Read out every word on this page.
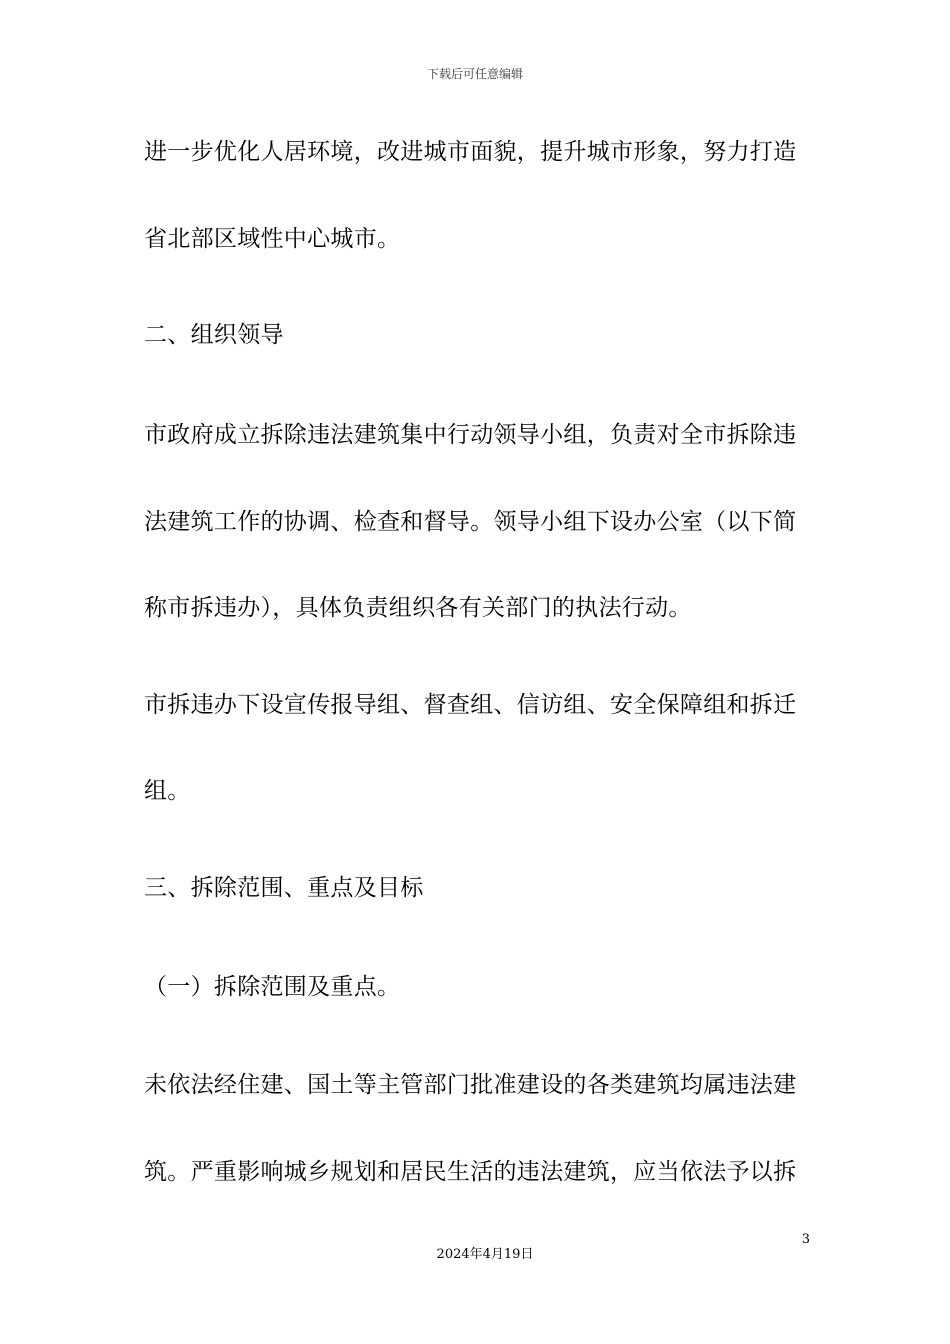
下载后可任意编辑
进一步优化人居环境，改进城市面貌，提升城市形象，努力打造
省北部区域性中心城市。
二、组织领导
市政府成立拆除违法建筑集中行动领导小组，负责对全市拆除违
法建筑工作的协调、检查和督导。领导小组下设办公室（以下简
称市拆违办），具体负责组织各有关部门的执法行动。
市拆违办下设宣传报导组、督查组、信访组、安全保障组和拆迁
组。
三、拆除范围、重点及目标
（一）拆除范围及重点。
未依法经住建、国土等主管部门批准建设的各类建筑均属违法建
筑。严重影响城乡规划和居民生活的违法建筑，应当依法予以拆
3
2024年4月19日
